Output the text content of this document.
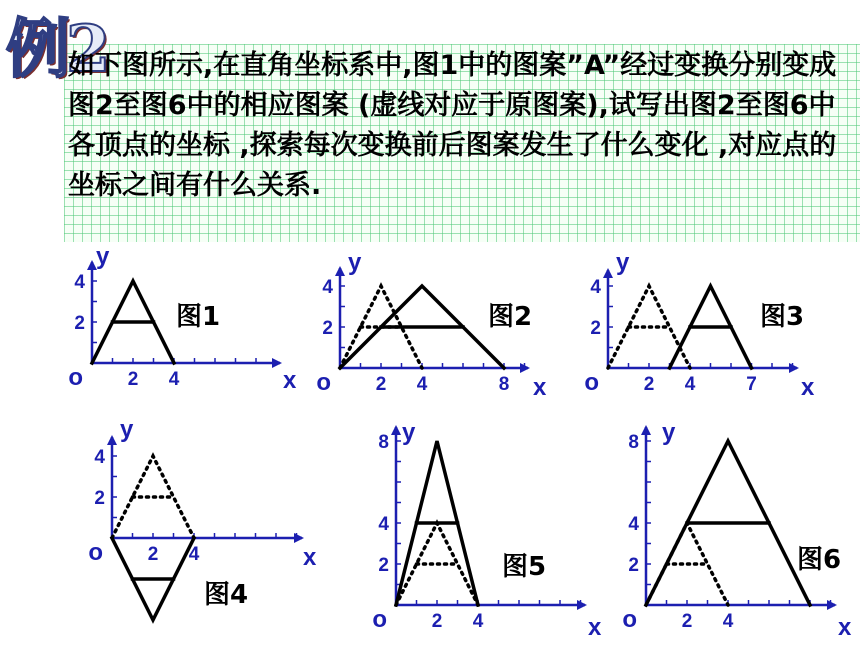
例2

如下图所示,在直角坐标系中,图1中的图案”A”经过变换分别变成图2至图6中的相应图案 (虚线对应于原图案),试写出图2至图6中各顶点的坐标 ,探索每次变换前后图案发生了什么变化 ,对应点的坐标之间有什么关系.

2 4
2
4
o	x
y
图1
2 4	8
2
4
o	x
y
图2
2 4	7
2
4
o	x
y
图3
2 4
2
4
o	x
y
图4
2 4
2
4
8
o	x
y
图5
2 4
2
4
8
o	x
y
图6
